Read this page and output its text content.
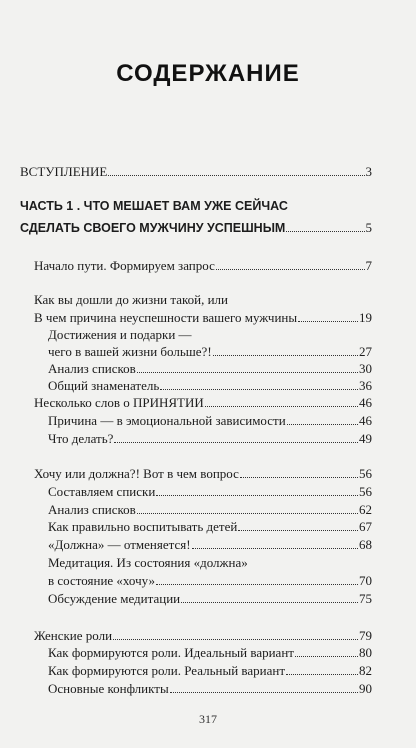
СОДЕРЖАНИЕ
ВСТУПЛЕНИЕ	3
ЧАСТЬ 1 . ЧТО МЕШАЕТ ВАМ УЖЕ СЕЙЧАС
СДЕЛАТЬ СВОЕГО МУЖЧИНУ УСПЕШНЫМ	5
Начало пути. Формируем запрос	7
Как вы дошли до жизни такой, или
В чем причина неуспешности вашего мужчины	19
Достижения и подарки —
чего в вашей жизни больше?!	27
Анализ списков	30
Общий знаменатель	36
Несколько слов о ПРИНЯТИИ	46
Причина — в эмоциональной зависимости	46
Что делать?	49
Хочу или должна?! Вот в чем вопрос	56
Составляем списки	56
Анализ списков	62
Как правильно воспитывать детей	67
«Должна» — отменяется!	68
Медитация. Из состояния «должна»
в состояние «хочу»	70
Обсуждение медитации	75
Женские роли	79
Как формируются роли. Идеальный вариант	80
Как формируются роли. Реальный вариант	82
Основные конфликты	90
317
